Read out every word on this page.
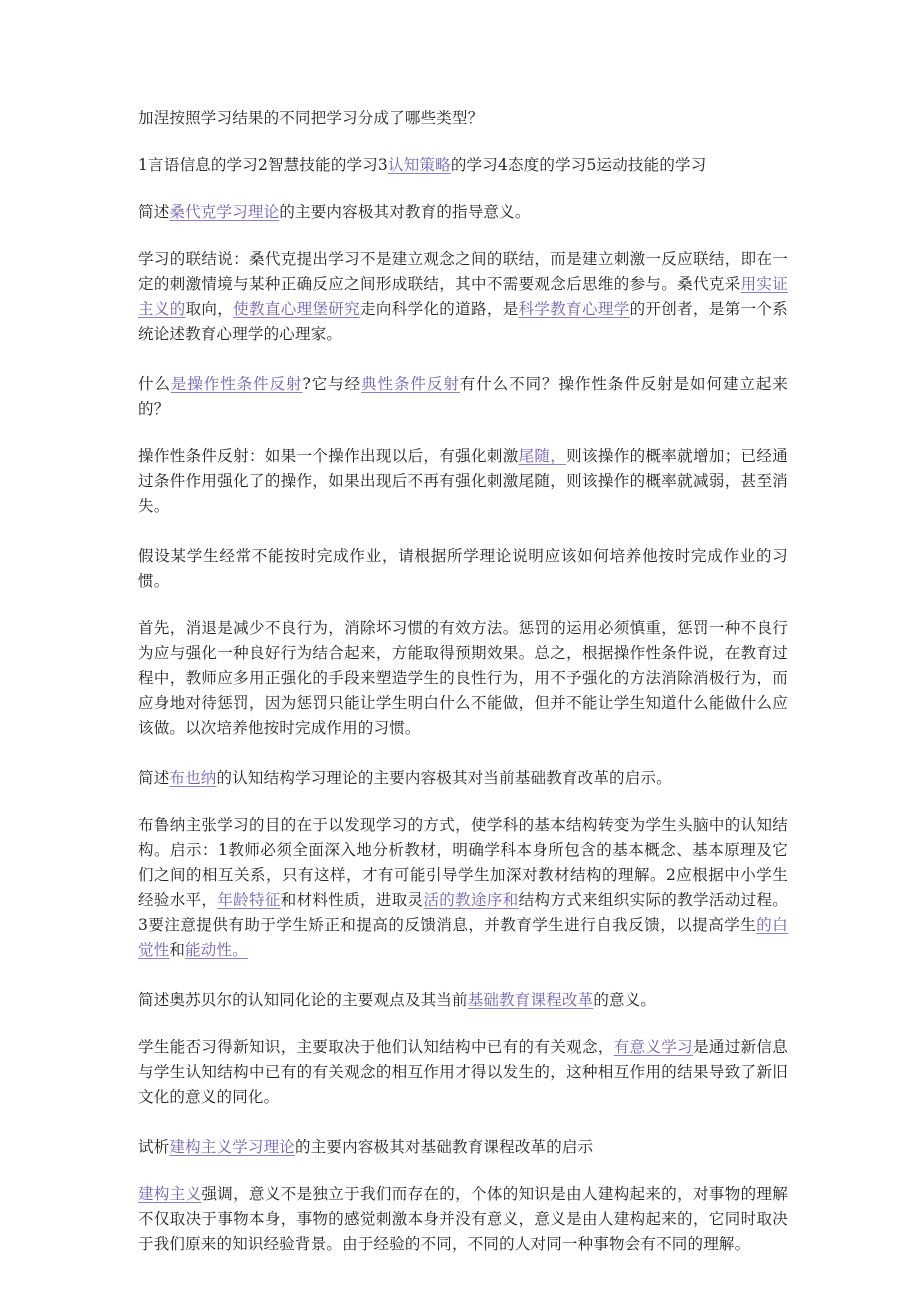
加涅按照学习结果的不同把学习分成了哪些类型？

1言语信息的学习2智慧技能的学习3认知策略的学习4态度的学习5运动技能的学习

简述桑代克学习理论的主要内容极其对教育的指导意义。

学习的联结说：桑代克提出学习不是建立观念之间的联结，而是建立刺激一反应联结，即在一定的刺激情境与某种正确反应之间形成联结，其中不需要观念后思维的参与。桑代克采用实证主义的取向，使教直心理堡研究走向科学化的道路，是科学教育心理学的开创者，是第一个系统论述教育心理学的心理家。

什么是操作性条件反射?它与经典性条件反射有什么不同？操作性条件反射是如何建立起来的？

操作性条件反射：如果一个操作出现以后，有强化刺激尾随，则该操作的概率就增加；已经通过条件作用强化了的操作，如果出现后不再有强化刺激尾随，则该操作的概率就减弱，甚至消失。

假设某学生经常不能按时完成作业，请根据所学理论说明应该如何培养他按时完成作业的习惯。

首先，消退是减少不良行为，消除坏习惯的有效方法。惩罚的运用必须慎重，惩罚一种不良行为应与强化一种良好行为结合起来，方能取得预期效果。总之，根据操作性条件说，在教育过程中，教师应多用正强化的手段来塑造学生的良性行为，用不予强化的方法消除消极行为，而应身地对待惩罚，因为惩罚只能让学生明白什么不能做，但并不能让学生知道什么能做什么应该做。以次培养他按时完成作用的习惯。

简述布也纳的认知结构学习理论的主要内容极其对当前基础教育改革的启示。

布鲁纳主张学习的目的在于以发现学习的方式，使学科的基本结构转变为学生头脑中的认知结构。启示：1教师必须全面深入地分析教材，明确学科本身所包含的基本概念、基本原理及它们之间的相互关系，只有这样，才有可能引导学生加深对教材结构的理解。2应根据中小学生经验水平，年龄特征和材料性质，进取灵活的教途序和结构方式来组织实际的教学活动过程。3要注意提供有助于学生矫正和提高的反馈消息，并教育学生进行自我反馈，以提高学生的白觉性和能动性。

简述奥苏贝尔的认知同化论的主要观点及其当前基础教育课程改革的意义。

学生能否习得新知识，主要取决于他们认知结构中已有的有关观念，有意义学习是通过新信息与学生认知结构中已有的有关观念的相互作用才得以发生的，这种相互作用的结果导致了新旧文化的意义的同化。

试析建构主义学习理论的主要内容极其对基础教育课程改革的启示

建构主义强调，意义不是独立于我们而存在的，个体的知识是由人建构起来的，对事物的理解不仅取决于事物本身，事物的感觉刺激本身并没有意义，意义是由人建构起来的，它同时取决于我们原来的知识经验背景。由于经验的不同，不同的人对同一种事物会有不同的理解。
